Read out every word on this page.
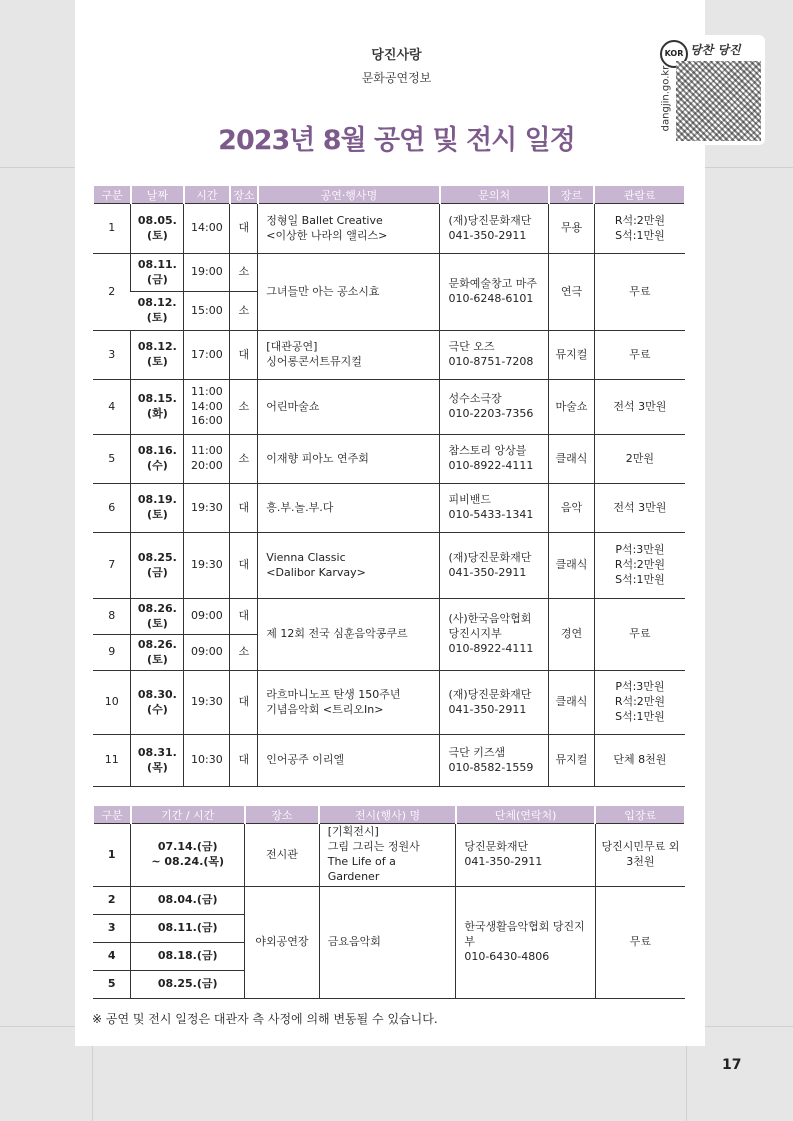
당진사랑
문화공연정보
2023년 8월 공연 및 전시 일정
KOR 당찬 당진
dangjin.go.kr
구분	날짜	시간	장소	공연·행사명	문의처	장르	관람료
1	08.05.
(토)	14:00	대	정형일 Ballet Creative
<이상한 나라의 앨리스>	(재)당진문화재단
041-350-2911	무용	R석:2만원
S석:1만원
2	08.11.
(금)	19:00	소	그녀들만 아는 공소시효	문화예술창고 마주
010-6248-6101	연극	무료
	08.12.
(토)	15:00	소				
3	08.12.
(토)	17:00	대	[대관공연]
싱어롱콘서트뮤지컬	극단 오즈
010-8751-7208	뮤지컬	무료
4	08.15.
(화)	11:00
14:00
16:00	소	어린마술쇼	성수소극장
010-2203-7356	마술쇼	전석 3만원
5	08.16.
(수)	11:00
20:00	소	이재향 피아노 연주회	참스토리 앙상블
010-8922-4111	클래식	2만원
6	08.19.
(토)	19:30	대	흥.부.놀.부.다	피비밴드
010-5433-1341	음악	전석 3만원
7	08.25.
(금)	19:30	대	Vienna Classic
<Dalibor Karvay>	(재)당진문화재단
041-350-2911	클래식	P석:3만원
R석:2만원
S석:1만원
8	08.26.
(토)	09:00	대	제 12회 전국 심훈음악콩쿠르	(사)한국음악협회
당진시지부
010-8922-4111	경연	무료
9	08.26.
(토)	09:00	소				
10	08.30.
(수)	19:30	대	라흐마니노프 탄생 150주년
기념음악회 <트리오In>	(재)당진문화재단
041-350-2911	클래식	P석:3만원
R석:2만원
S석:1만원
11	08.31.
(목)	10:30	대	인어공주 이리엘	극단 키즈샘
010-8582-1559	뮤지컬	단체 8천원
구분	기간 / 시간	장소	전시(행사) 명	단체(연락처)	입장료
1	07.14.(금)
~ 08.24.(목)	전시관	[기획전시]
그림 그리는 정원사
The Life of a Gardener	당진문화재단
041-350-2911	당진시민무료 외
3천원
2	08.04.(금)	야외공연장	금요음악회	한국생활음악협회 당진지부
010-6430-4806	무료
3	08.11.(금)				
4	08.18.(금)				
5	08.25.(금)				
※ 공연 및 전시 일정은 대관자 측 사정에 의해 변동될 수 있습니다.
17
